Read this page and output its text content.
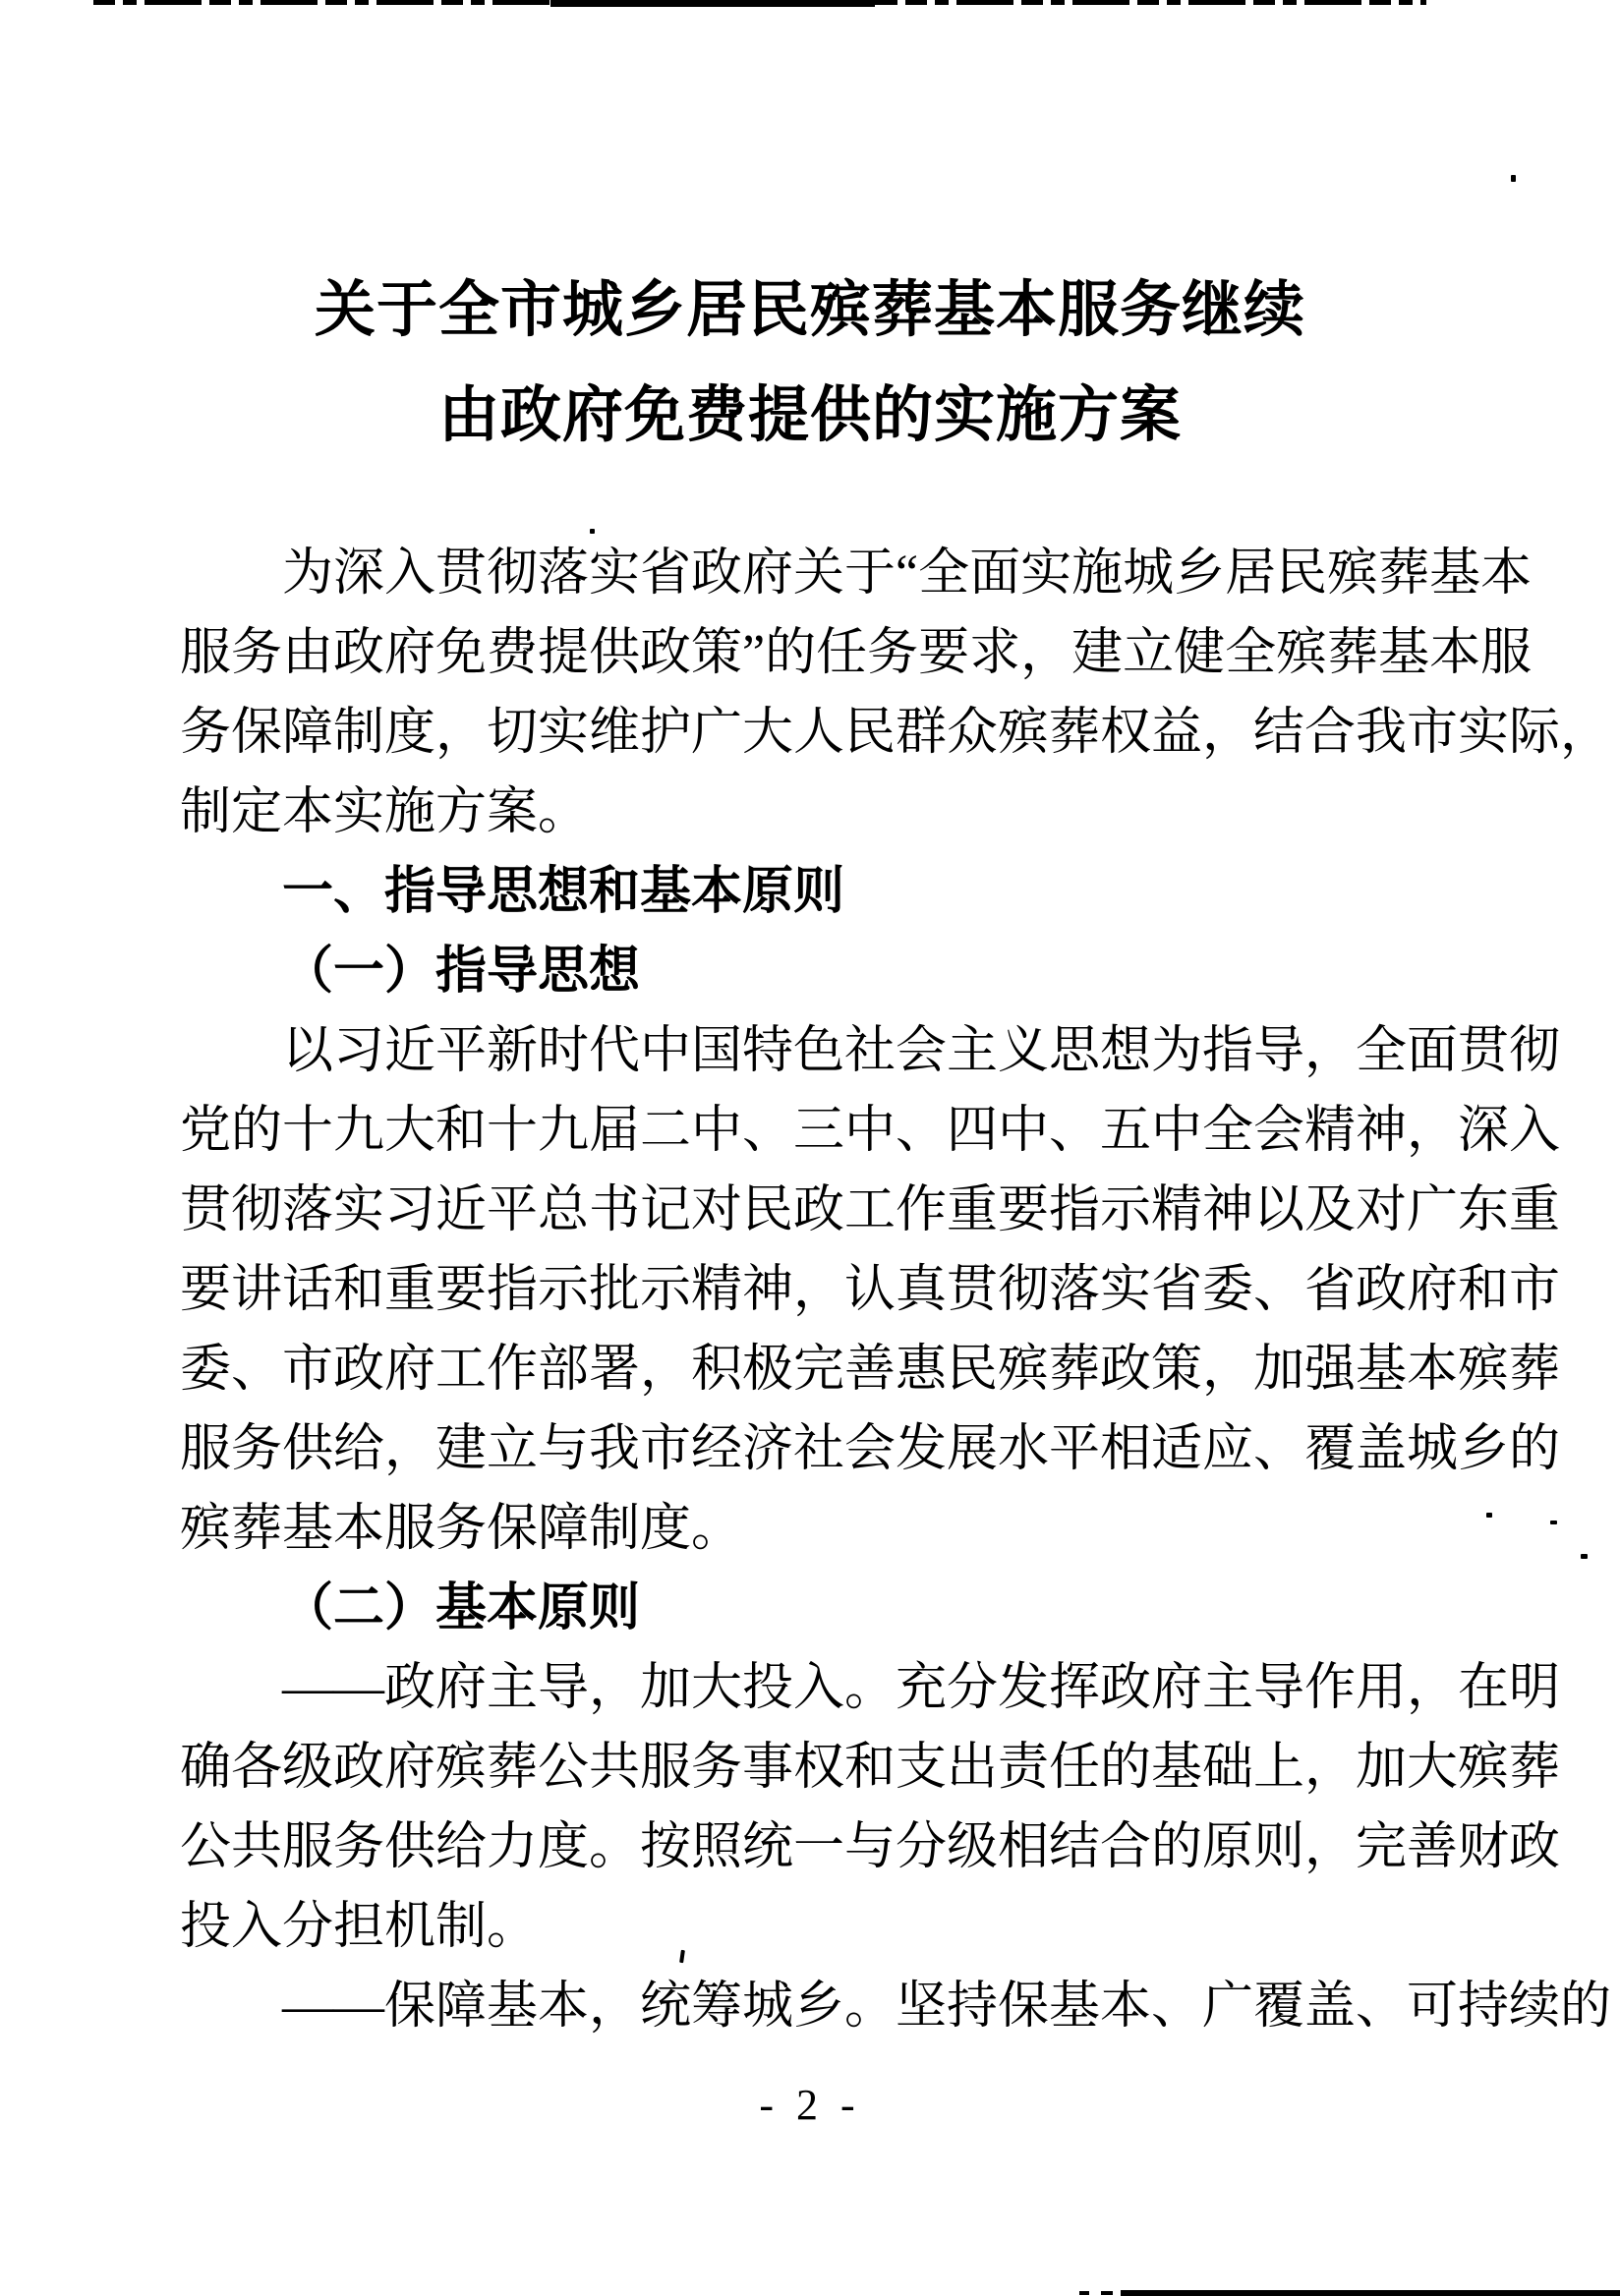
关于全市城乡居民殡葬基本服务继续
由政府免费提供的实施方案
为深入贯彻落实省政府关于“全面实施城乡居民殡葬基本
服务由政府免费提供政策”的任务要求，建立健全殡葬基本服
务保障制度，切实维护广大人民群众殡葬权益，结合我市实际，
制定本实施方案。
一、指导思想和基本原则
（一）指导思想
以习近平新时代中国特色社会主义思想为指导，全面贯彻
党的十九大和十九届二中、三中、四中、五中全会精神，深入
贯彻落实习近平总书记对民政工作重要指示精神以及对广东重
要讲话和重要指示批示精神，认真贯彻落实省委、省政府和市
委、市政府工作部署，积极完善惠民殡葬政策，加强基本殡葬
服务供给，建立与我市经济社会发展水平相适应、覆盖城乡的
殡葬基本服务保障制度。
（二）基本原则
——政府主导，加大投入。充分发挥政府主导作用，在明
确各级政府殡葬公共服务事权和支出责任的基础上，加大殡葬
公共服务供给力度。按照统一与分级相结合的原则，完善财政
投入分担机制。
——保障基本，统筹城乡。坚持保基本、广覆盖、可持续的
- 2 -
